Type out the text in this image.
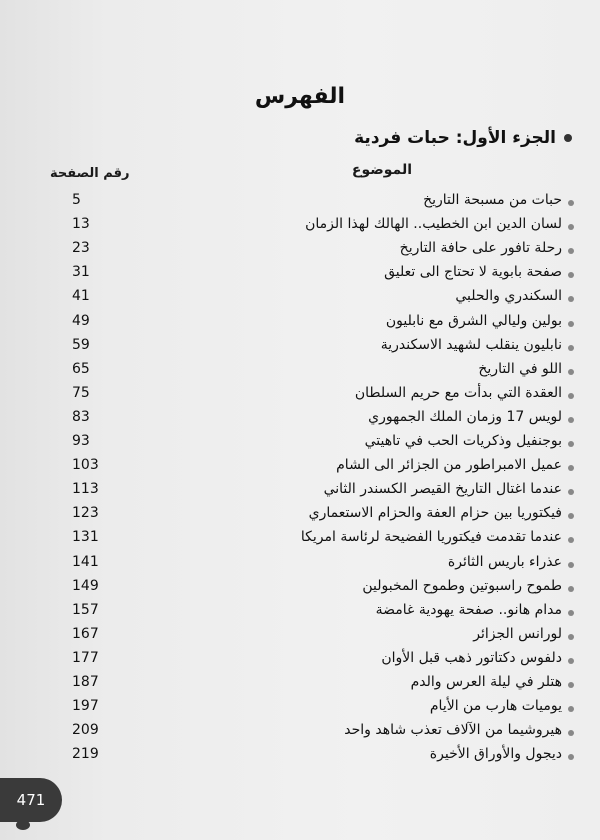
الفهرس
الجزء الأول: حبات فردية
الموضوع
رقم الصفحة
5	حبات من مسبحة التاريخ
13	لسان الدين ابن الخطيب.. الهالك لهذا الزمان
23	رحلة تافور على حافة التاريخ
31	صفحة بابوية لا تحتاج الى تعليق
41	السكندري والحلبي
49	بولين وليالي الشرق مع نابليون
59	نابليون ينقلب لشهيد الاسكندرية
65	اللو في التاريخ
75	العقدة التي بدأت مع حريم السلطان
83	لويس 17 وزمان الملك الجمهوري
93	بوجنفيل وذكريات الحب في تاهيتي
103	عميل الامبراطور من الجزائر الى الشام
113	عندما اغتال التاريخ القيصر الكسندر الثاني
123	فيكتوريا بين حزام العفة والحزام الاستعماري
131	عندما تقدمت فيكتوريا الفضيحة لرئاسة امريكا
141	عذراء باريس الثائرة
149	طموح راسبوتين وطموح المخبولين
157	مدام هانو.. صفحة يهودية غامضة
167	لورانس الجزائر
177	دلفوس دكتاتور ذهب قبل الأوان
187	هتلر في ليلة العرس والدم
197	يوميات هارب من الأيام
209	هيروشيما من الآلاف تعذب شاهد واحد
219	ديجول والأوراق الأخيرة
471
